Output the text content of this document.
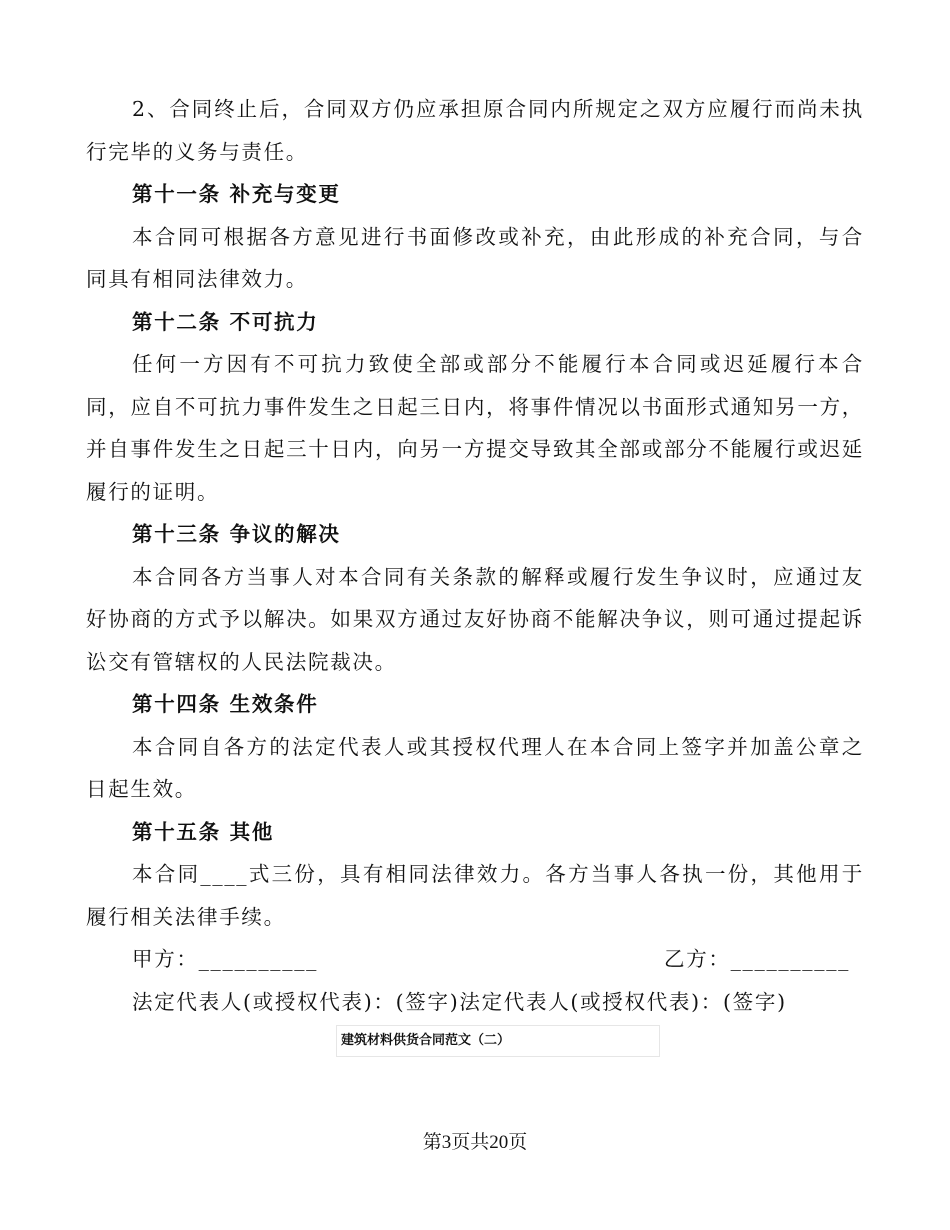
2、合同终止后，合同双方仍应承担原合同内所规定之双方应履行而尚未执行完毕的义务与责任。

第十一条 补充与变更

本合同可根据各方意见进行书面修改或补充，由此形成的补充合同，与合同具有相同法律效力。

第十二条 不可抗力

任何一方因有不可抗力致使全部或部分不能履行本合同或迟延履行本合同，应自不可抗力事件发生之日起三日内，将事件情况以书面形式通知另一方，并自事件发生之日起三十日内，向另一方提交导致其全部或部分不能履行或迟延履行的证明。

第十三条 争议的解决

本合同各方当事人对本合同有关条款的解释或履行发生争议时，应通过友好协商的方式予以解决。如果双方通过友好协商不能解决争议，则可通过提起诉讼交有管辖权的人民法院裁决。

第十四条 生效条件

本合同自各方的法定代表人或其授权代理人在本合同上签字并加盖公章之日起生效。

第十五条 其他

本合同____式三份，具有相同法律效力。各方当事人各执一份，其他用于履行相关法律手续。

甲方：__________	乙方：__________

法定代表人(或授权代表)：(签字)法定代表人(或授权代表)：(签字)

建筑材料供货合同范文（二）
第3页共20页
